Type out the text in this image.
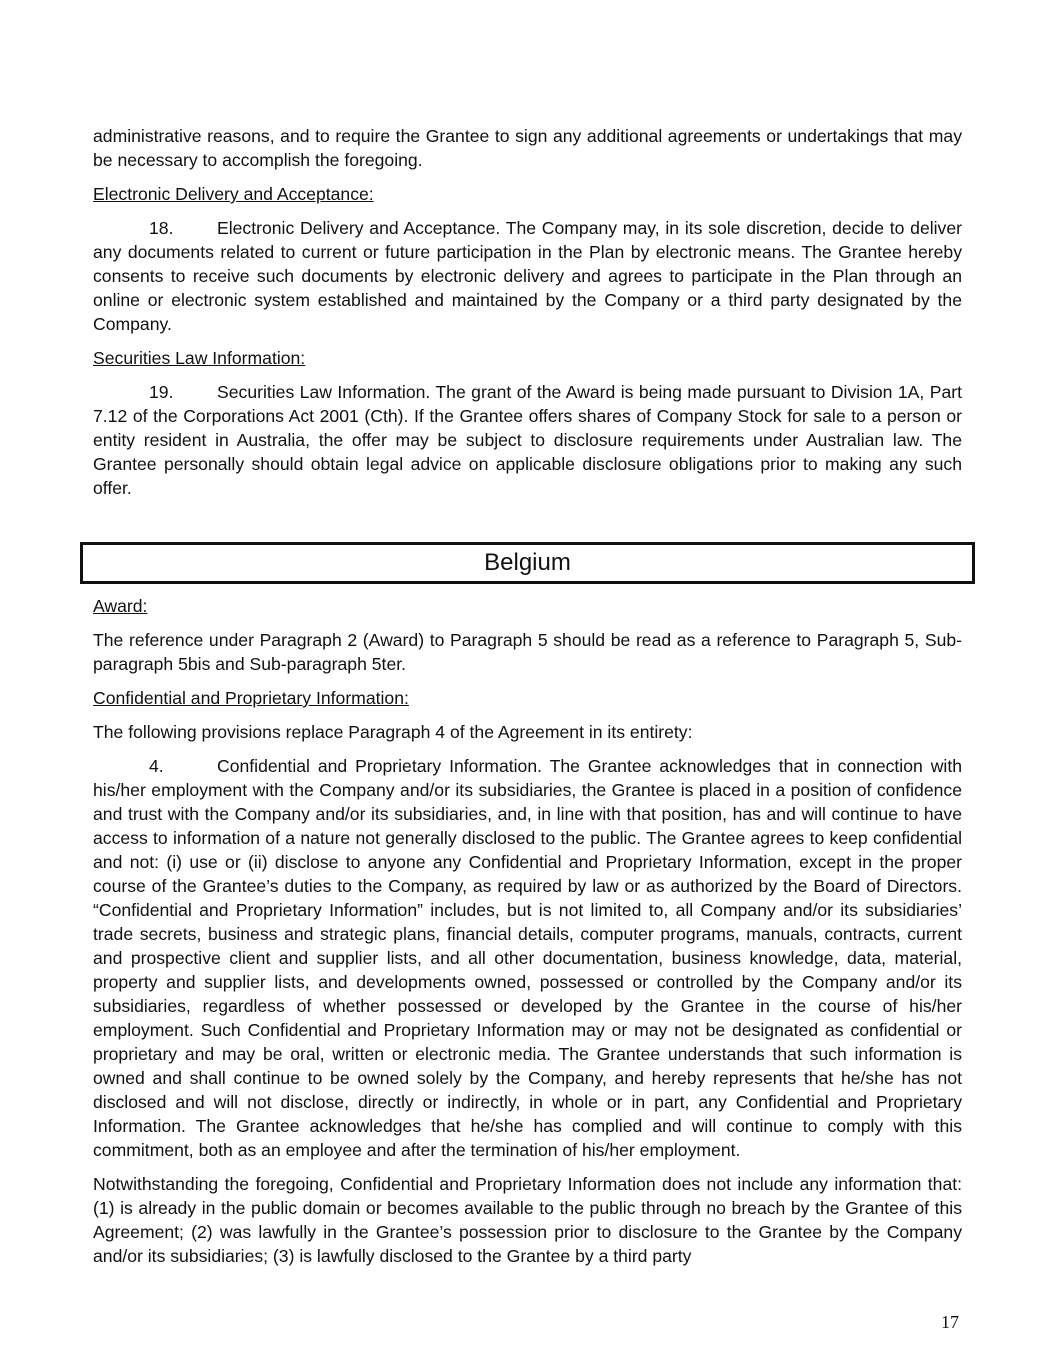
administrative reasons, and to require the Grantee to sign any additional agreements or undertakings that may be necessary to accomplish the foregoing.

Electronic Delivery and Acceptance:

18. Electronic Delivery and Acceptance. The Company may, in its sole discretion, decide to deliver any documents related to current or future participation in the Plan by electronic means. The Grantee hereby consents to receive such documents by electronic delivery and agrees to participate in the Plan through an online or electronic system established and maintained by the Company or a third party designated by the Company.

Securities Law Information:

19. Securities Law Information. The grant of the Award is being made pursuant to Division 1A, Part 7.12 of the Corporations Act 2001 (Cth). If the Grantee offers shares of Company Stock for sale to a person or entity resident in Australia, the offer may be subject to disclosure requirements under Australian law. The Grantee personally should obtain legal advice on applicable disclosure obligations prior to making any such offer.

Belgium

Award:

The reference under Paragraph 2 (Award) to Paragraph 5 should be read as a reference to Paragraph 5, Sub-paragraph 5bis and Sub-paragraph 5ter.

Confidential and Proprietary Information:

The following provisions replace Paragraph 4 of the Agreement in its entirety:

4.	Confidential and Proprietary Information. The Grantee acknowledges that in connection with his/her employment with the Company and/or its subsidiaries, the Grantee is placed in a position of confidence and trust with the Company and/or its subsidiaries, and, in line with that position, has and will continue to have access to information of a nature not generally disclosed to the public. The Grantee agrees to keep confidential and not: (i) use or (ii) disclose to anyone any Confidential and Proprietary Information, except in the proper course of the Grantee’s duties to the Company, as required by law or as authorized by the Board of Directors. “Confidential and Proprietary Information” includes, but is not limited to, all Company and/or its subsidiaries’ trade secrets, business and strategic plans, financial details, computer programs, manuals, contracts, current and prospective client and supplier lists, and all other documentation, business knowledge, data, material, property and supplier lists, and developments owned, possessed or controlled by the Company and/or its subsidiaries, regardless of whether possessed or developed by the Grantee in the course of his/her employment. Such Confidential and Proprietary Information may or may not be designated as confidential or proprietary and may be oral, written or electronic media. The Grantee understands that such information is owned and shall continue to be owned solely by the Company, and hereby represents that he/she has not disclosed and will not disclose, directly or indirectly, in whole or in part, any Confidential and Proprietary Information. The Grantee acknowledges that he/she has complied and will continue to comply with this commitment, both as an employee and after the termination of his/her employment.

Notwithstanding the foregoing, Confidential and Proprietary Information does not include any information that: (1) is already in the public domain or becomes available to the public through no breach by the Grantee of this Agreement; (2) was lawfully in the Grantee’s possession prior to disclosure to the Grantee by the Company and/or its subsidiaries; (3) is lawfully disclosed to the Grantee by a third party

17
